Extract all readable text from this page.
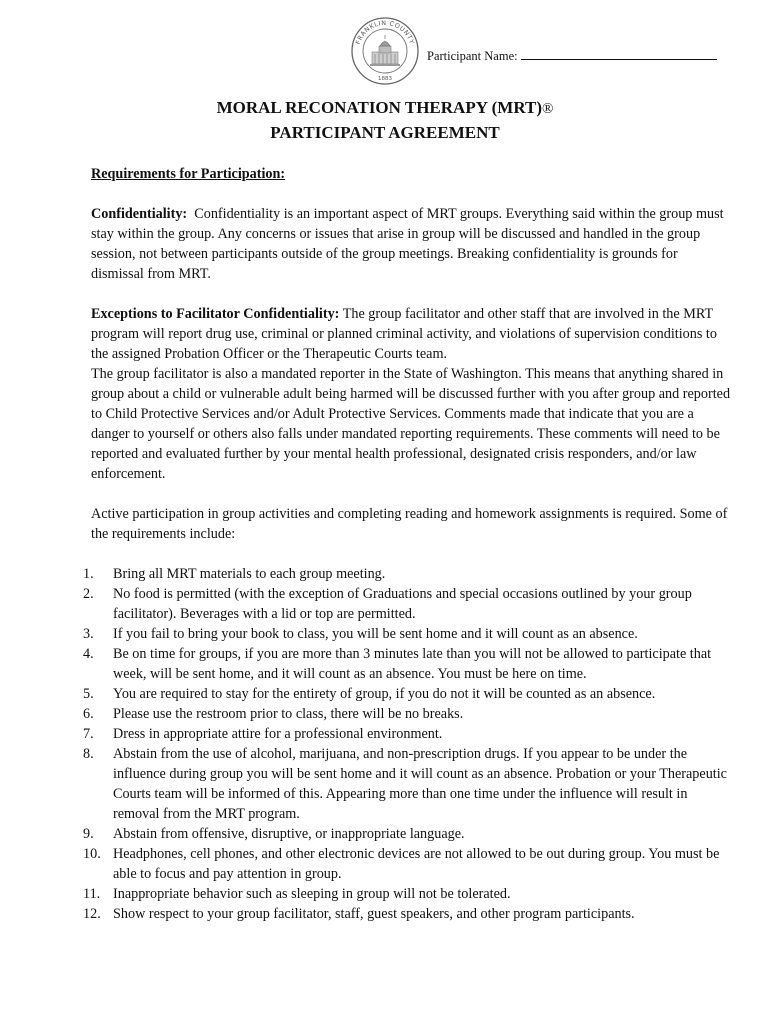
FRANKLIN COUNTY
1883
Participant Name:
MORAL RECONATION THERAPY (MRT)®
PARTICIPANT AGREEMENT

Requirements for Participation:

Confidentiality: Confidentiality is an important aspect of MRT groups. Everything said within the group must stay within the group. Any concerns or issues that arise in group will be discussed and handled in the group session, not between participants outside of the group meetings. Breaking confidentiality is grounds for dismissal from MRT.

Exceptions to Facilitator Confidentiality: The group facilitator and other staff that are involved in the MRT program will report drug use, criminal or planned criminal activity, and violations of supervision conditions to the assigned Probation Officer or the Therapeutic Courts team.

The group facilitator is also a mandated reporter in the State of Washington. This means that anything shared in group about a child or vulnerable adult being harmed will be discussed further with you after group and reported to Child Protective Services and/or Adult Protective Services. Comments made that indicate that you are a danger to yourself or others also falls under mandated reporting requirements. These comments will need to be reported and evaluated further by your mental health professional, designated crisis responders, and/or law enforcement.

Active participation in group activities and completing reading and homework assignments is required. Some of the requirements include:

1.	Bring all MRT materials to each group meeting.
2.	No food is permitted (with the exception of Graduations and special occasions outlined by your group facilitator). Beverages with a lid or top are permitted.
3.	If you fail to bring your book to class, you will be sent home and it will count as an absence.
4.	Be on time for groups, if you are more than 3 minutes late than you will not be allowed to participate that week, will be sent home, and it will count as an absence. You must be here on time.
5.	You are required to stay for the entirety of group, if you do not it will be counted as an absence.
6.	Please use the restroom prior to class, there will be no breaks.
7.	Dress in appropriate attire for a professional environment.
8.	Abstain from the use of alcohol, marijuana, and non-prescription drugs. If you appear to be under the influence during group you will be sent home and it will count as an absence. Probation or your Therapeutic Courts team will be informed of this. Appearing more than one time under the influence will result in removal from the MRT program.
9.	Abstain from offensive, disruptive, or inappropriate language.
10. Headphones, cell phones, and other electronic devices are not allowed to be out during group. You must be able to focus and pay attention in group.
11. Inappropriate behavior such as sleeping in group will not be tolerated.
12. Show respect to your group facilitator, staff, guest speakers, and other program participants.
